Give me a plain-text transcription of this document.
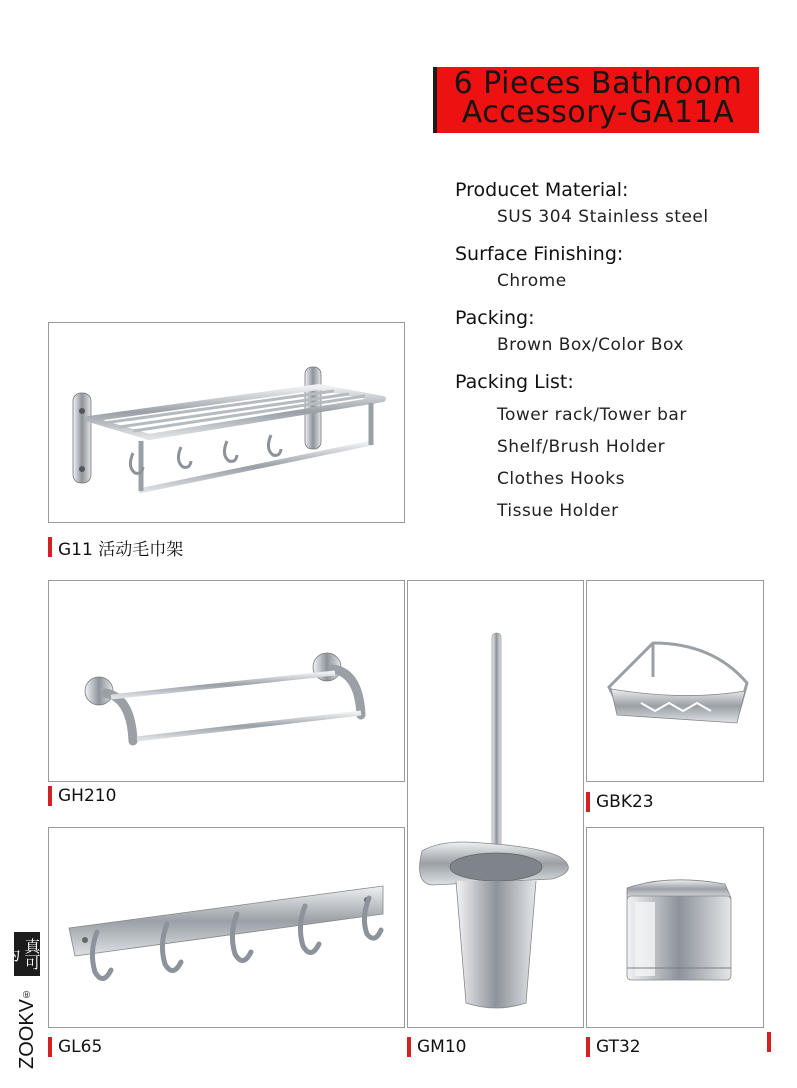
6 Pieces Bathroom
Accessory-GA11A

Producet Material:

SUS 304 Stainless steel

Surface Finishing:

Chrome

Packing:

Brown Box/Color Box

Packing List:

Tower rack/Tower bar

Shelf/Brush Holder

Clothes Hooks

Tissue Holder

G11 活动毛巾架
GH210
GM10
GBK23
GL65	GT32
真可为
ZOOKV®
